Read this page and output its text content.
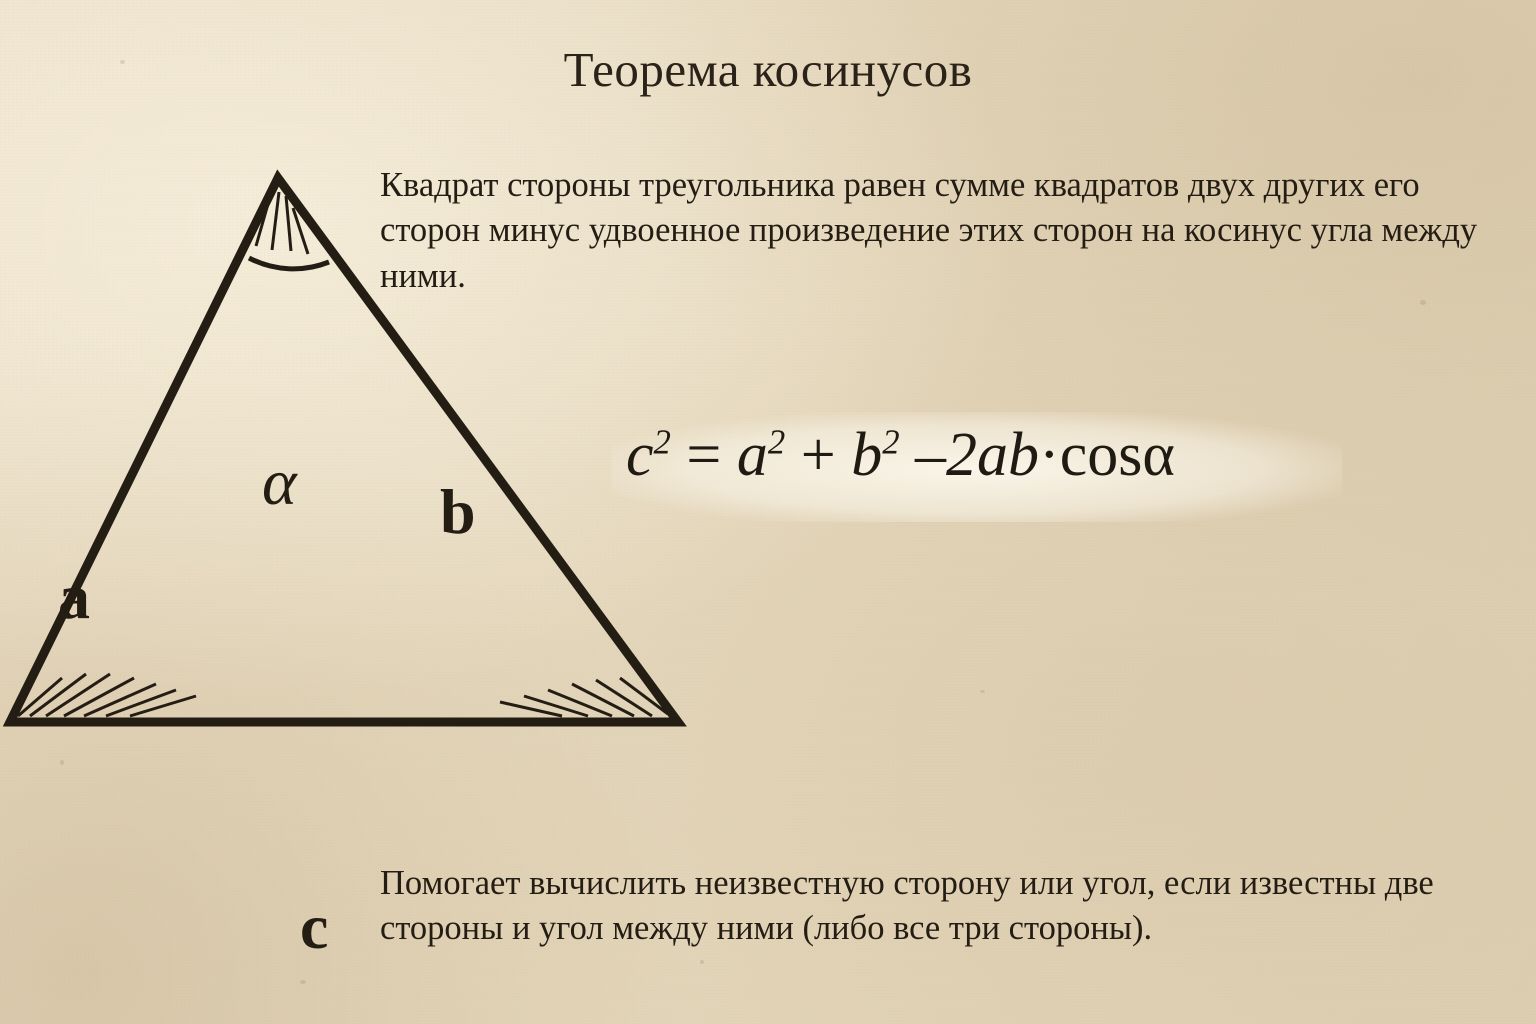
Теорема косинусов

Квадрат стороны треугольника равен сумме квадратов двух других его сторон минус удвоенное произведение этих сторон на косинус угла между ними.

a
b
c
α	$c^2 = a^2 + b^2$ –2ab·cosα

Помогает вычислить неизвестную сторону или угол, если известны две стороны и угол между ними (либо все три стороны).
